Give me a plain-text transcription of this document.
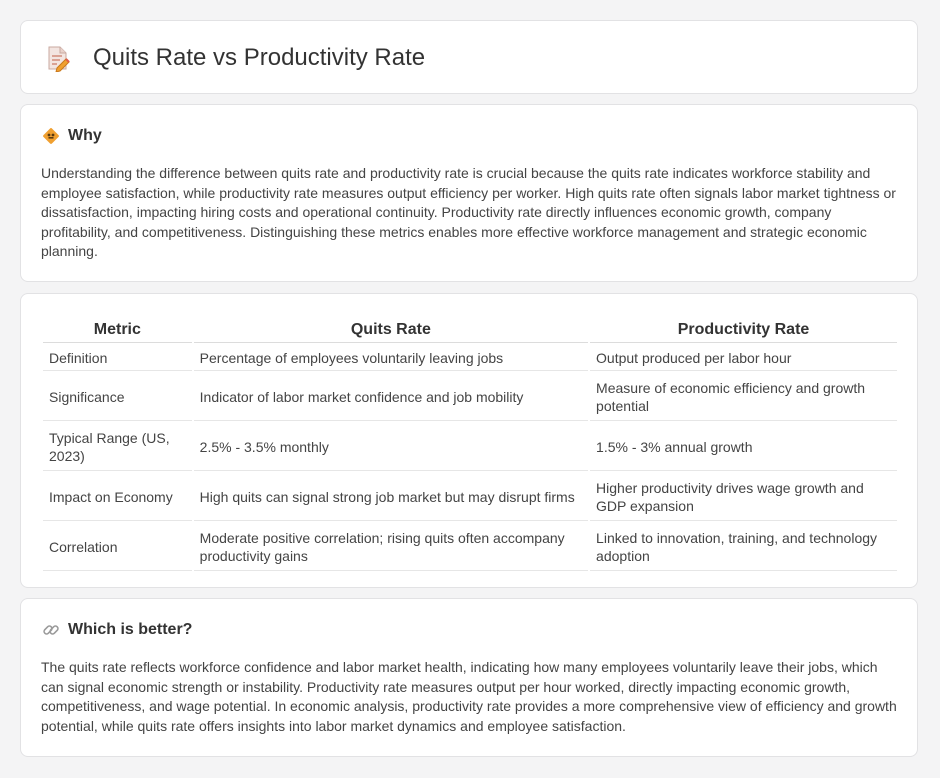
Quits Rate vs Productivity Rate
Why

Understanding the difference between quits rate and productivity rate is crucial because the quits rate indicates workforce stability and employee satisfaction, while productivity rate measures output efficiency per worker. High quits rate often signals labor market tightness or dissatisfaction, impacting hiring costs and operational continuity. Productivity rate directly influences economic growth, company profitability, and competitiveness. Distinguishing these metrics enables more effective workforce management and strategic economic planning.

Metric	Quits Rate	Productivity Rate
Definition	Percentage of employees voluntarily leaving jobs	Output produced per labor hour
Significance	Indicator of labor market confidence and job mobility	Measure of economic efficiency and growth potential
Typical Range (US, 2023)	2.5% - 3.5% monthly	1.5% - 3% annual growth
Impact on Economy	High quits can signal strong job market but may disrupt firms	Higher productivity drives wage growth and GDP expansion
Correlation	Moderate positive correlation; rising quits often accompany productivity gains	Linked to innovation, training, and technology adoption
Which is better?

The quits rate reflects workforce confidence and labor market health, indicating how many employees voluntarily leave their jobs, which can signal economic strength or instability. Productivity rate measures output per hour worked, directly impacting economic growth, competitiveness, and wage potential. In economic analysis, productivity rate provides a more comprehensive view of efficiency and growth potential, while quits rate offers insights into labor market dynamics and employee satisfaction.
